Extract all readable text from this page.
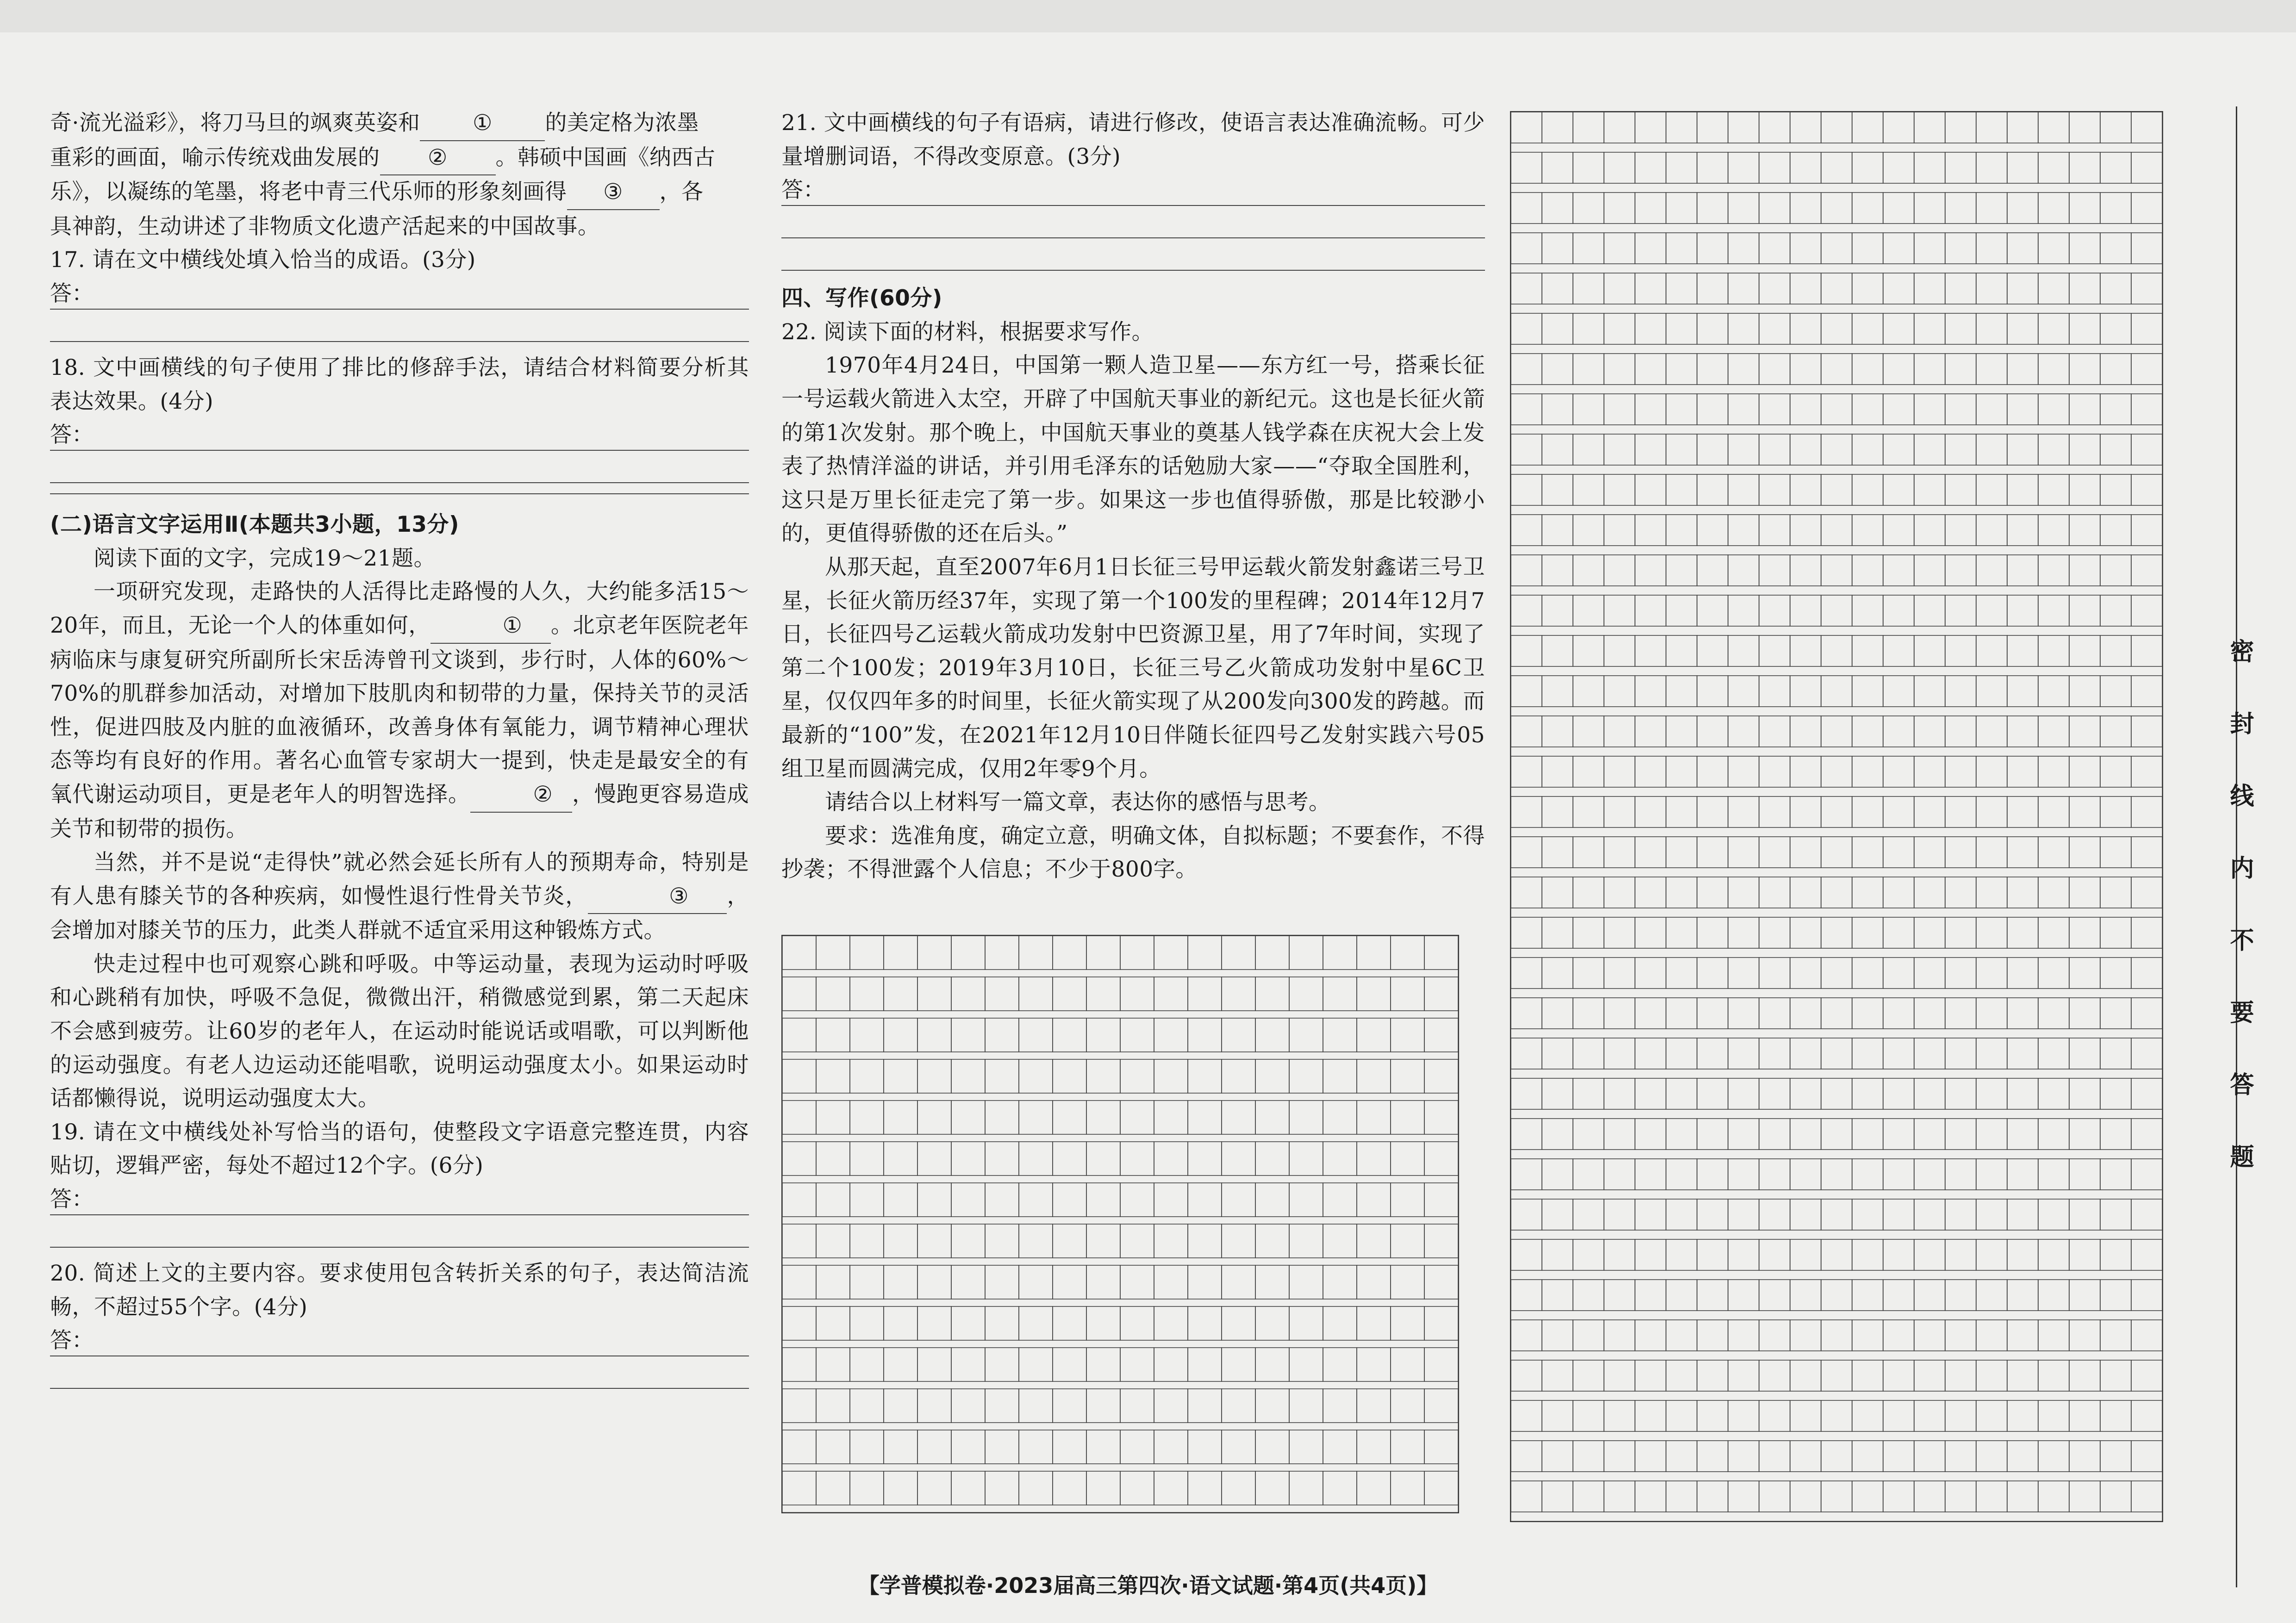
奇·流光溢彩》，将刀马旦的飒爽英姿和 ① 的美定格为浓墨

重彩的画面，喻示传统戏曲发展的 ② 。韩硕中国画《纳西古

乐》，以凝练的笔墨，将老中青三代乐师的形象刻画得 ③ ，各

具神韵，生动讲述了非物质文化遗产活起来的中国故事。

17. 请在文中横线处填入恰当的成语。(3分)

答：

18. 文中画横线的句子使用了排比的修辞手法，请结合材料简要分析其表达效果。(4分)

答：

(二)语言文字运用Ⅱ(本题共3小题，13分)

阅读下面的文字，完成19～21题。

一项研究发现，走路快的人活得比走路慢的人久，大约能多活15～20年，而且，无论一个人的体重如何，	① 。北京老年医院老年病临床与康复研究所副所长宋岳涛曾刊文谈到，步行时，人体的60%～70%的肌群参加活动，对增加下肢肌肉和韧带的力量，保持关节的灵活性，促进四肢及内脏的血液循环，改善身体有氧能力，调节精神心理状态等均有良好的作用。著名心血管专家胡大一提到，快走是最安全的有氧代谢运动项目，更是老年人的明智选择。	② ，慢跑更容易造成关节和韧带的损伤。

当然，并不是说“走得快”就必然会延长所有人的预期寿命，特别是有人患有膝关节的各种疾病，如慢性退行性骨关节炎，	③ ，会增加对膝关节的压力，此类人群就不适宜采用这种锻炼方式。

快走过程中也可观察心跳和呼吸。中等运动量，表现为运动时呼吸和心跳稍有加快，呼吸不急促，微微出汗，稍微感觉到累，第二天起床不会感到疲劳。让60岁的老年人，在运动时能说话或唱歌，可以判断他的运动强度。有老人边运动还能唱歌，说明运动强度太小。如果运动时话都懒得说，说明运动强度太大。

19. 请在文中横线处补写恰当的语句，使整段文字语意完整连贯，内容贴切，逻辑严密，每处不超过12个字。(6分)

答：

20. 简述上文的主要内容。要求使用包含转折关系的句子，表达简洁流畅，不超过55个字。(4分)

答：

21. 文中画横线的句子有语病，请进行修改，使语言表达准确流畅。可少量增删词语，不得改变原意。(3分)

答：

四、写作(60分)

22. 阅读下面的材料，根据要求写作。

1970年4月24日，中国第一颗人造卫星——东方红一号，搭乘长征一号运载火箭进入太空，开辟了中国航天事业的新纪元。这也是长征火箭的第1次发射。那个晚上，中国航天事业的奠基人钱学森在庆祝大会上发表了热情洋溢的讲话，并引用毛泽东的话勉励大家——“夺取全国胜利，这只是万里长征走完了第一步。如果这一步也值得骄傲，那是比较渺小的，更值得骄傲的还在后头。”

从那天起，直至2007年6月1日长征三号甲运载火箭发射鑫诺三号卫星，长征火箭历经37年，实现了第一个100发的里程碑；2014年12月7日，长征四号乙运载火箭成功发射中巴资源卫星，用了7年时间，实现了第二个100发；2019年3月10日，长征三号乙火箭成功发射中星6C卫星，仅仅四年多的时间里，长征火箭实现了从200发向300发的跨越。而最新的“100”发，在2021年12月10日伴随长征四号乙发射实践六号05组卫星而圆满完成，仅用2年零9个月。

请结合以上材料写一篇文章，表达你的感悟与思考。

要求：选准角度，确定立意，明确文体，自拟标题；不要套作，不得抄袭；不得泄露个人信息；不少于800字。	密封线内不要答题
【学普模拟卷·2023届高三第四次·语文试题·第4页(共4页)】
